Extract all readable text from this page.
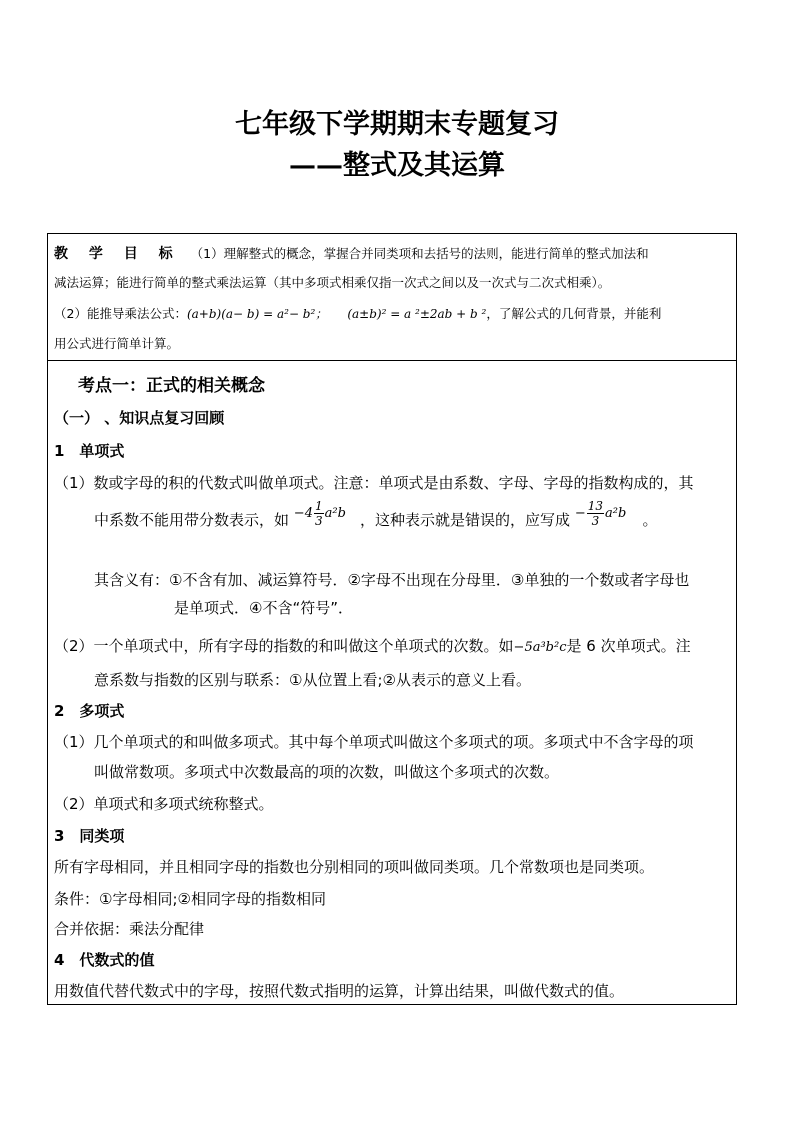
七年级下学期期末专题复习
——整式及其运算
教 学 目 标 （1）理解整式的概念，掌握合并同类项和去括号的法则，能进行简单的整式加法和
减法运算；能进行简单的整式乘法运算（其中多项式相乘仅指一次式之间以及一次式与二次式相乘）。
（2）能推导乘法公式：(a+b)(a− b) = a²− b²； (a±b)² = a ²±2ab + b ²，了解公式的几何背景，并能利
用公式进行简单计算。
考点一：正式的相关概念
（一） 、知识点复习回顾
1　单项式
（1）数或字母的积的代数式叫做单项式。注意：单项式是由系数、字母、字母的指数构成的，其
中系数不能用带分数表示，如 $-4 \frac{1}{3} a^2b$ ，这种表示就是错误的，应写成 − $\frac{13}{3} a^2b$ 。
其含义有：①不含有加、减运算符号．②字母不出现在分母里．③单独的一个数或者字母也
是单项式．④不含“符号”．
（2）一个单项式中，所有字母的指数的和叫做这个单项式的次数。如−5a³b²c是 6 次单项式。注
意系数与指数的区别与联系：①从位置上看;②从表示的意义上看。
2　多项式
（1）几个单项式的和叫做多项式。其中每个单项式叫做这个多项式的项。多项式中不含字母的项
叫做常数项。多项式中次数最高的项的次数，叫做这个多项式的次数。
（2）单项式和多项式统称整式。
3　同类项
所有字母相同，并且相同字母的指数也分别相同的项叫做同类项。几个常数项也是同类项。
条件：①字母相同;②相同字母的指数相同
合并依据：乘法分配律
4　代数式的值
用数值代替代数式中的字母，按照代数式指明的运算，计算出结果，叫做代数式的值。
